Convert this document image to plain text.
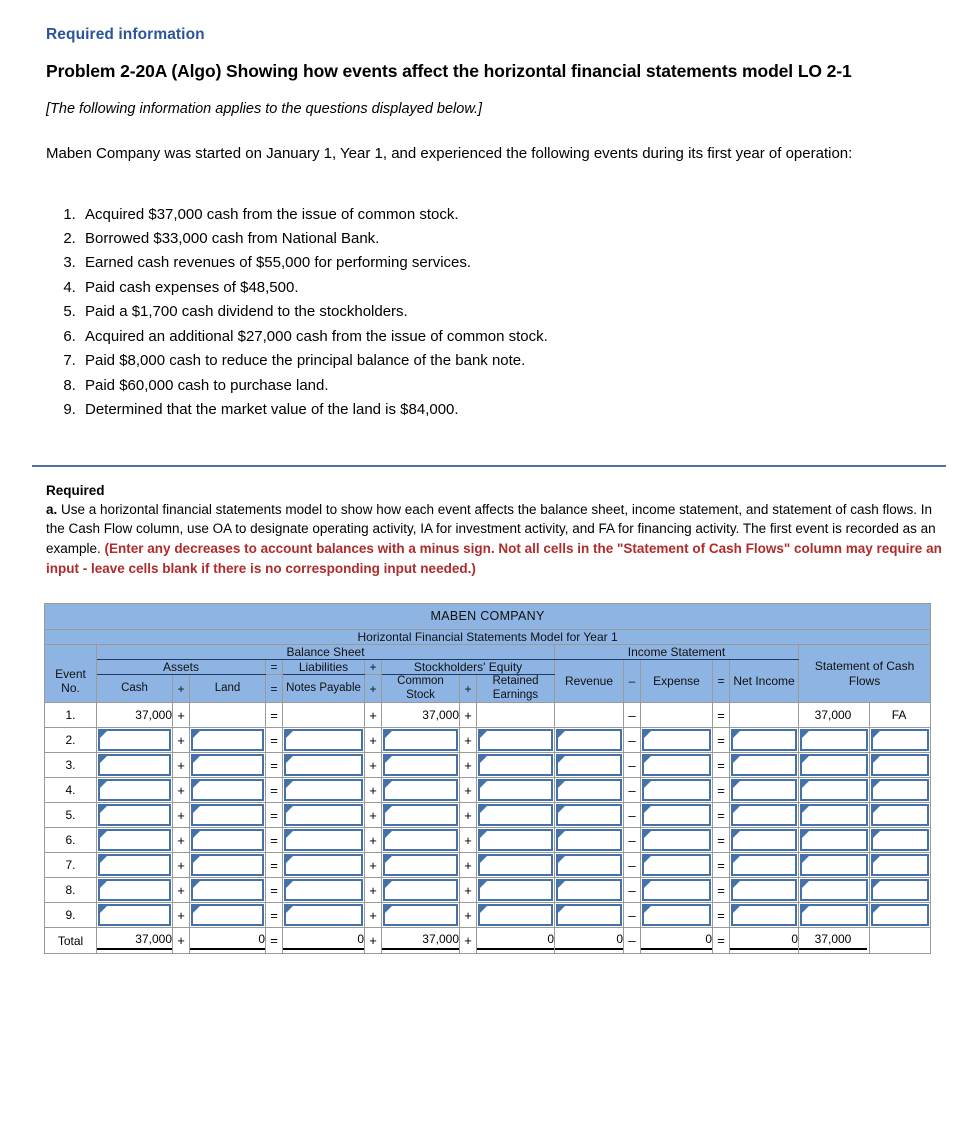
Required information
Problem 2-20A (Algo) Showing how events affect the horizontal financial statements model LO 2-1
[The following information applies to the questions displayed below.]

Maben Company was started on January 1, Year 1, and experienced the following events during its first year of operation:

1. Acquired $37,000 cash from the issue of common stock.
2. Borrowed $33,000 cash from National Bank.
3. Earned cash revenues of $55,000 for performing services.
4. Paid cash expenses of $48,500.
5. Paid a $1,700 cash dividend to the stockholders.
6. Acquired an additional $27,000 cash from the issue of common stock.
7. Paid $8,000 cash to reduce the principal balance of the bank note.
8. Paid $60,000 cash to purchase land.
9. Determined that the market value of the land is $84,000.
Required
a. Use a horizontal financial statements model to show how each event affects the balance sheet, income statement, and statement of cash flows. In the Cash Flow column, use OA to designate operating activity, IA for investment activity, and FA for financing activity. The first event is recorded as an example. (Enter any decreases to account balances with a minus sign. Not all cells in the "Statement of Cash Flows" column may require an input - leave cells blank if there is no corresponding input needed.)
MABEN COMPANY																
Horizontal Financial Statements Model for Year 1																
	Balance Sheet									Income Statement					Statement of Cash Flows	
Event No.	Assets			=	Liabilities	+	Stockholders' Equity			Revenue	–	Expense	=	Net Income		
	Cash	+	Land	=	Notes Payable	+	Common Stock	+	Retained Earnings							
1.	37,000	+		=		+	37,000	+			–		=		37,000	FA
2.		+		=		+		+			–		=	

3.		+		=		+		+			–		=	

4.		+		=		+		+			–		=	

5.		+		=		+		+			–		=	

6.		+		=		+		+			–		=	

7.		+		=		+		+			–		=	

8.		+		=		+		+			–		=	

9.		+		=		+		+			–		=	

Total	37,000	+	0	=	0	+	37,000	+	0	0	–	0	=	0	37,000	
